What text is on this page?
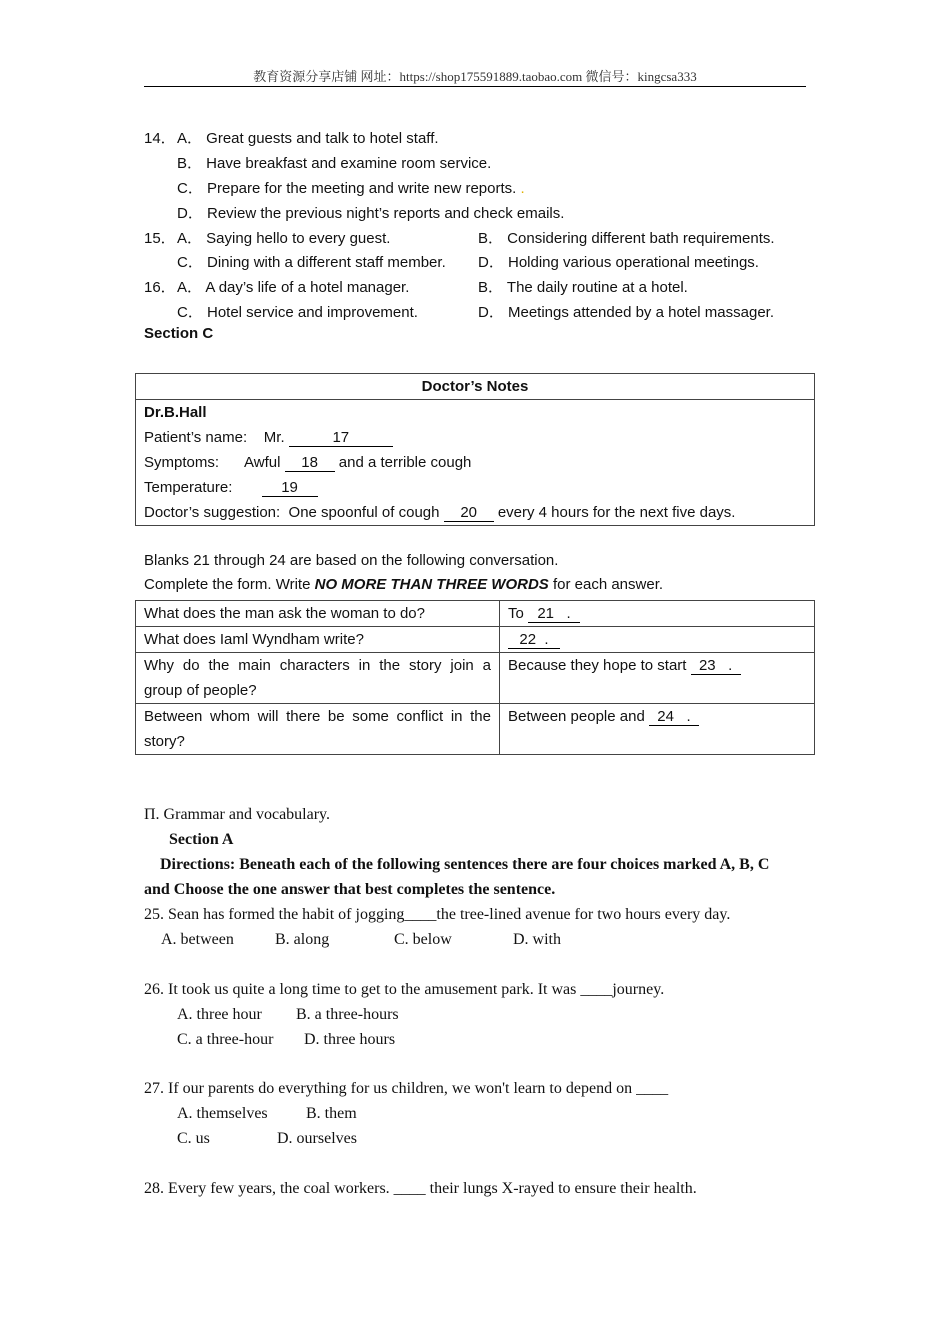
教育资源分享店铺 网址：https://shop175591889.taobao.com 微信号：kingcsa333
14． A． Great guests and talk to hotel staff.
B． Have breakfast and examine room service.
C． Prepare for the meeting and write new reports. .
D． Review the previous night’s reports and check emails.
15． A． Saying hello to every guest.	B． Considering different bath requirements.
C． Dining with a different staff member. D． Holding various operational meetings.
16． A． A day’s life of a hotel manager.	B． The daily routine at a hotel.
C． Hotel service and improvement.	D． Meetings attended by a hotel massager.
Section C
Doctor’s Notes

Dr.B.Hall
Patient’s name: Mr.	17
Symptoms: Awful 18 and a terrible cough
Temperature:	19
Doctor’s suggestion: One spoonful of cough 20 every 4 hours for the next five days.
Blanks 21 through 24 are based on the following conversation.
Complete the form. Write NO MORE THAN THREE WORDS for each answer.
What does the man ask the woman to do?	To 21 .
What does Iaml Wyndham write?	22 .

Why do the main characters in the story join a
group of people?	Because they hope to start 23 .

Between whom will there be some conflict in the
story?	Between people and 24 .
Π. Grammar and vocabulary.
Section A
Directions: Beneath each of the following sentences there are four choices marked A, B, C
and Choose the one answer that best completes the sentence.
25. Sean has formed the habit of jogging____the tree-lined avenue for two hours every day.
A. between	B. along	C. below	D. with
26. It took us quite a long time to get to the amusement park. It was ____journey.
A. three hour B. a three-hours
C. a three-hour D. three hours
27. If our parents do everything for us children, we won't learn to depend on ____
A. themselves B. them
C. us	D. ourselves
28. Every few years, the coal workers. ____ their lungs X-rayed to ensure their health.
